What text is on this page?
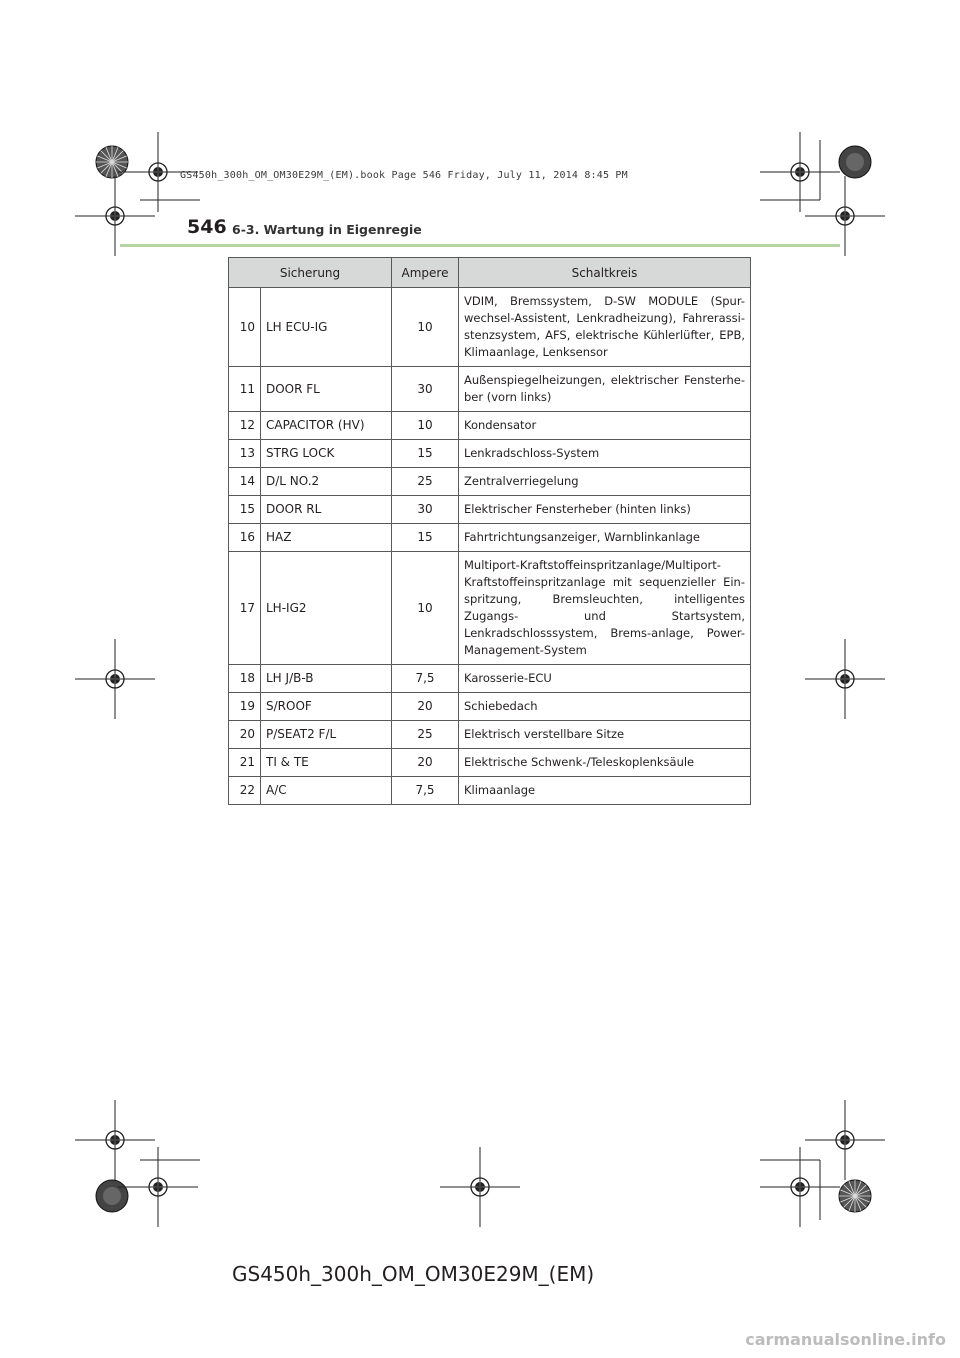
GS450h_300h_OM_OM30E29M_(EM).book Page 546 Friday, July 11, 2014 8:45 PM
546 6-3. Wartung in Eigenregie
Sicherung		Ampere	Schaltkreis
10	LH ECU-IG	10	VDIM, Bremssystem, D-SW MODULE (Spur-wechsel-Assistent, Lenkradheizung), Fahrerassi-stenzsystem, AFS, elektrische Kühlerlüfter, EPB, Klimaanlage, Lenksensor
11	DOOR FL	30	Außenspiegelheizungen, elektrischer Fensterhe-ber (vorn links)
12	CAPACITOR (HV)	10	Kondensator
13	STRG LOCK	15	Lenkradschloss-System
14	D/L NO.2	25	Zentralverriegelung
15	DOOR RL	30	Elektrischer Fensterheber (hinten links)
16	HAZ	15	Fahrtrichtungsanzeiger, Warnblinkanlage
17	LH-IG2	10	Multiport-Kraftstoffeinspritzanlage/Multiport-Kraftstoffeinspritzanlage mit sequenzieller Ein-spritzung, Bremsleuchten, intelligentes Zugangs- und Startsystem, Lenkradschlosssystem, Brems-anlage, Power-Management-System
18	LH J/B-B	7,5	Karosserie-ECU
19	S/ROOF	20	Schiebedach
20	P/SEAT2 F/L	25	Elektrisch verstellbare Sitze
21	TI & TE	20	Elektrische Schwenk-/Teleskoplenksäule
22	A/C	7,5	Klimaanlage
GS450h_300h_OM_OM30E29M_(EM)
carmanualsonline.info
